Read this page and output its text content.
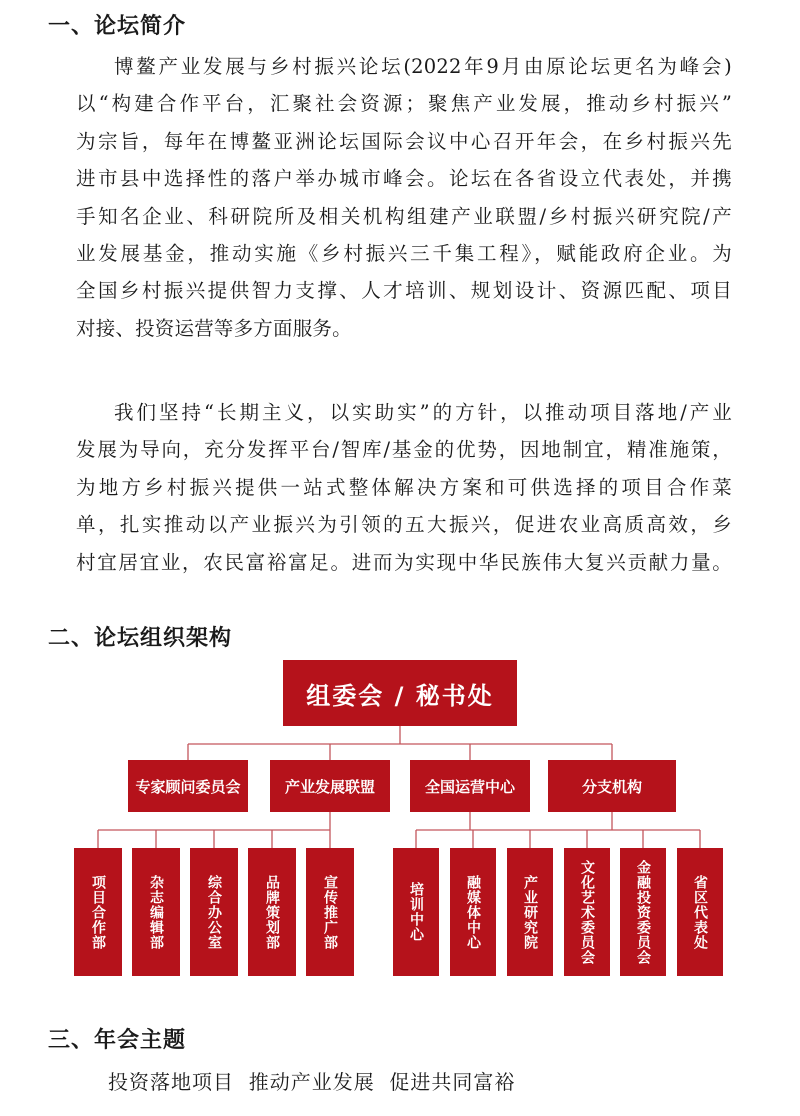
一、论坛简介
博鳌产业发展与乡村振兴论坛(2022年9月由原论坛更名为峰会)
以“构建合作平台，汇聚社会资源；聚焦产业发展，推动乡村振兴”
为宗旨，每年在博鳌亚洲论坛国际会议中心召开年会，在乡村振兴先
进市县中选择性的落户举办城市峰会。论坛在各省设立代表处，并携
手知名企业、科研院所及相关机构组建产业联盟/乡村振兴研究院/产
业发展基金，推动实施《乡村振兴三千集工程》，赋能政府企业。为
全国乡村振兴提供智力支撑、人才培训、规划设计、资源匹配、项目
对接、投资运营等多方面服务。
我们坚持“长期主义，以实助实”的方针，以推动项目落地/产业
发展为导向，充分发挥平台/智库/基金的优势，因地制宜，精准施策，
为地方乡村振兴提供一站式整体解决方案和可供选择的项目合作菜
单，扎实推动以产业振兴为引领的五大振兴，促进农业高质高效，乡
村宜居宜业，农民富裕富足。进而为实现中华民族伟大复兴贡献力量。
二、论坛组织架构
组委会 / 秘书处
专家顾问委员会	产业发展联盟	全国运营中心	分支机构
项目合作部	杂志编辑部	综合办公室	品牌策划部	宣传推广部	培训中心	融媒体中心	产业研究院	文化艺术委员会	金融投资委员会	省区代表处
三、年会主题
投资落地项目  推动产业发展  促进共同富裕
